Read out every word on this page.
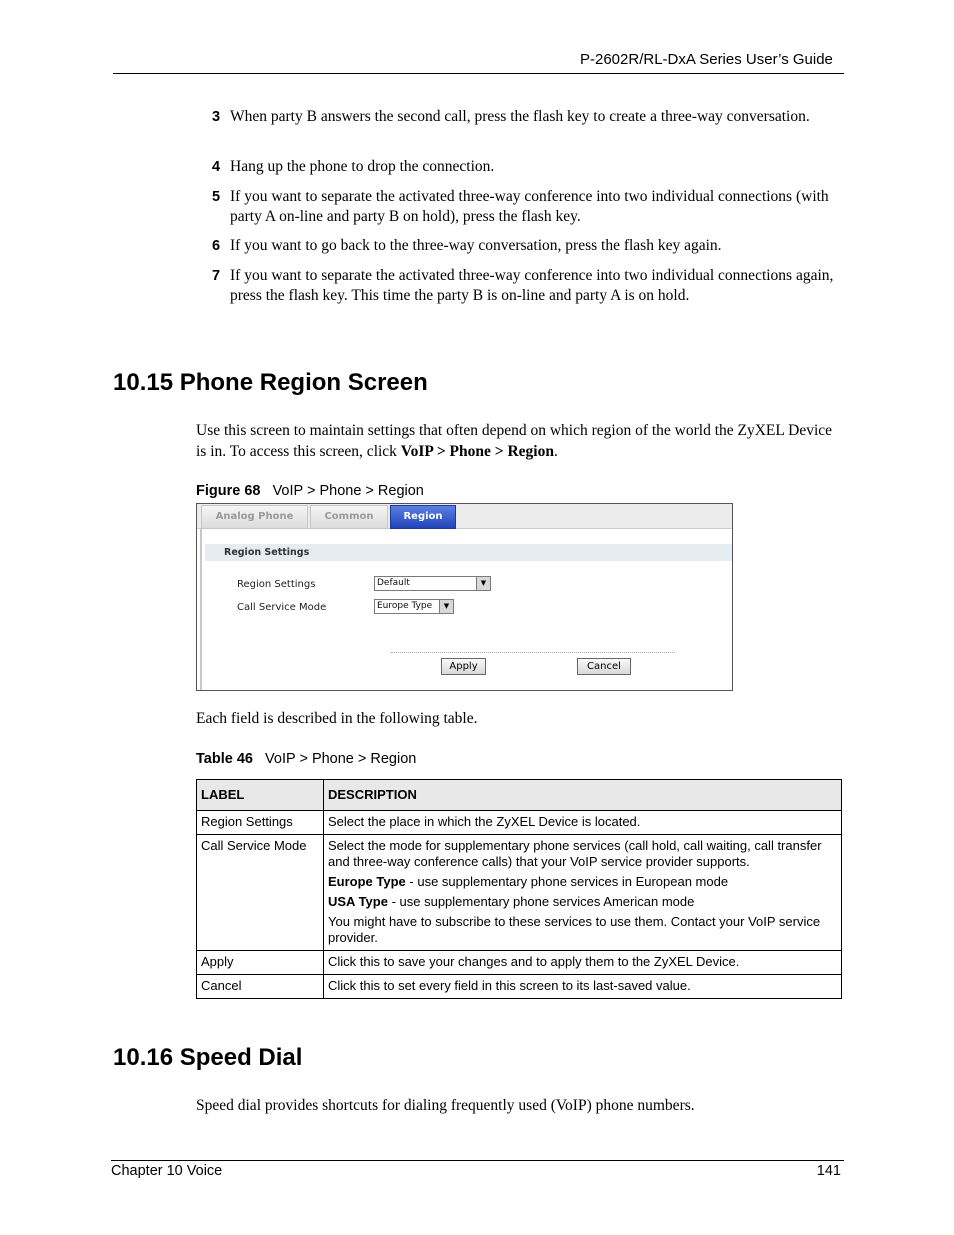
P-2602R/RL-DxA Series User’s Guide
3 When party B answers the second call, press the flash key to create a three-way conversation.
4 Hang up the phone to drop the connection.
5 If you want to separate the activated three-way conference into two individual connections (with party A on-line and party B on hold), press the flash key.
6 If you want to go back to the three-way conversation, press the flash key again.
7 If you want to separate the activated three-way conference into two individual connections again, press the flash key. This time the party B is on-line and party A is on hold.
10.15 Phone Region Screen
Use this screen to maintain settings that often depend on which region of the world the ZyXEL Device is in. To access this screen, click VoIP > Phone > Region.
Figure 68 VoIP > Phone > Region
Analog Phone	Common	Region
Region Settings
Region Settings	Default	▼
Call Service Mode	Europe Type	▼
Apply	Cancel
Each field is described in the following table.
Table 46 VoIP > Phone > Region
LABEL	DESCRIPTION
Region Settings	Select the place in which the ZyXEL Device is located.
Call Service Mode	Select the mode for supplementary phone services (call hold, call waiting, call transfer and three-way conference calls) that your VoIP service provider supports.

Europe Type - use supplementary phone services in European mode

USA Type - use supplementary phone services American mode

You might have to subscribe to these services to use them. Contact your VoIP service provider.

Apply	Click this to save your changes and to apply them to the ZyXEL Device.
Cancel	Click this to set every field in this screen to its last-saved value.
10.16 Speed Dial
Speed dial provides shortcuts for dialing frequently used (VoIP) phone numbers.
Chapter 10 Voice	141
